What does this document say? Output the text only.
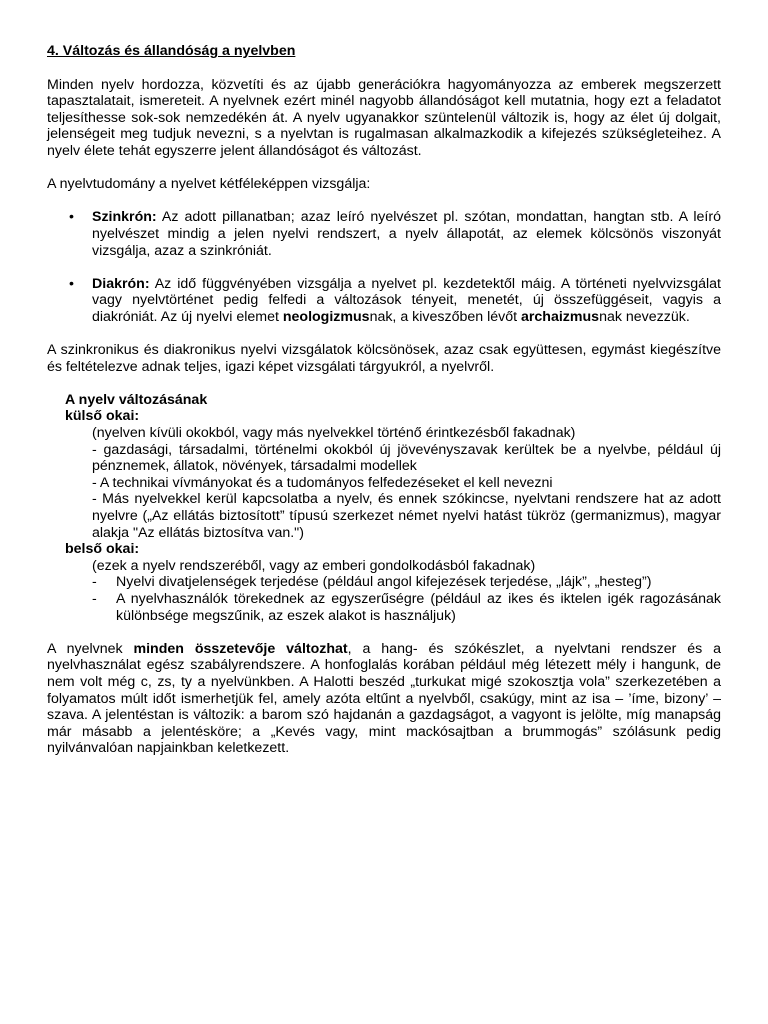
4. Változás és állandóság a nyelvben

Minden nyelv hordozza, közvetíti és az újabb generációkra hagyományozza az emberek megszerzett tapasztalatait, ismereteit. A nyelvnek ezért minél nagyobb állandóságot kell mutatnia, hogy ezt a feladatot teljesíthesse sok-sok nemzedékén át. A nyelv ugyanakkor szüntelenül változik is, hogy az élet új dolgait, jelenségeit meg tudjuk nevezni, s a nyelvtan is rugalmasan alkalmazkodik a kifejezés szükségleteihez. A nyelv élete tehát egyszerre jelent állandóságot és változást.

A nyelvtudomány a nyelvet kétféleképpen vizsgálja:

• Szinkrón: Az adott pillanatban; azaz leíró nyelvészet pl. szótan, mondattan, hangtan stb. A leíró nyelvészet mindig a jelen nyelvi rendszert, a nyelv állapotát, az elemek kölcsönös viszonyát vizsgálja, azaz a szinkróniát.
• Diakrón: Az idő függvényében vizsgálja a nyelvet pl. kezdetektől máig. A történeti nyelvvizsgálat vagy nyelvtörténet pedig felfedi a változások tényeit, menetét, új összefüggéseit, vagyis a diakróniát. Az új nyelvi elemet neologizmusnak, a kiveszőben lévőt archaizmusnak nevezzük.

A szinkronikus és diakronikus nyelvi vizsgálatok kölcsönösek, azaz csak együttesen, egymást kiegészítve és feltételezve adnak teljes, igazi képet vizsgálati tárgyukról, a nyelvről.

A nyelv változásának
külső okai:
(nyelven kívüli okokból, vagy más nyelvekkel történő érintkezésből fakadnak)
- gazdasági, társadalmi, történelmi okokból új jövevényszavak kerültek be a nyelvbe, például új pénznemek, állatok, növények, társadalmi modellek
- A technikai vívmányokat és a tudományos felfedezéseket el kell nevezni
- Más nyelvekkel kerül kapcsolatba a nyelv, és ennek szókincse, nyelvtani rendszere hat az adott nyelvre („Az ellátás biztosított” típusú szerkezet német nyelvi hatást tükröz (germanizmus), magyar alakja "Az ellátás biztosítva van.")
belső okai:
(ezek a nyelv rendszeréből, vagy az emberi gondolkodásból fakadnak)
- Nyelvi divatjelenségek terjedése (például angol kifejezések terjedése, „lájk”, „hesteg”)
- A nyelvhasználók törekednek az egyszerűségre (például az ikes és iktelen igék ragozásának különbsége megszűnik, az eszek alakot is használjuk)

A nyelvnek minden összetevője változhat, a hang- és szókészlet, a nyelvtani rendszer és a nyelvhasználat egész szabályrendszere. A honfoglalás korában például még létezett mély i hangunk, de nem volt még c, zs, ty a nyelvünkben. A Halotti beszéd „turkukat migé szokosztja vola” szerkezetében a folyamatos múlt időt ismerhetjük fel, amely azóta eltűnt a nyelvből, csakúgy, mint az isa – ’íme, bizony’ – szava. A jelentéstan is változik: a barom szó hajdanán a gazdagságot, a vagyont is jelölte, míg manapság már másabb a jelentésköre; a „Kevés vagy, mint mackósajtban a brummogás” szólásunk pedig nyilvánvalóan napjainkban keletkezett.
